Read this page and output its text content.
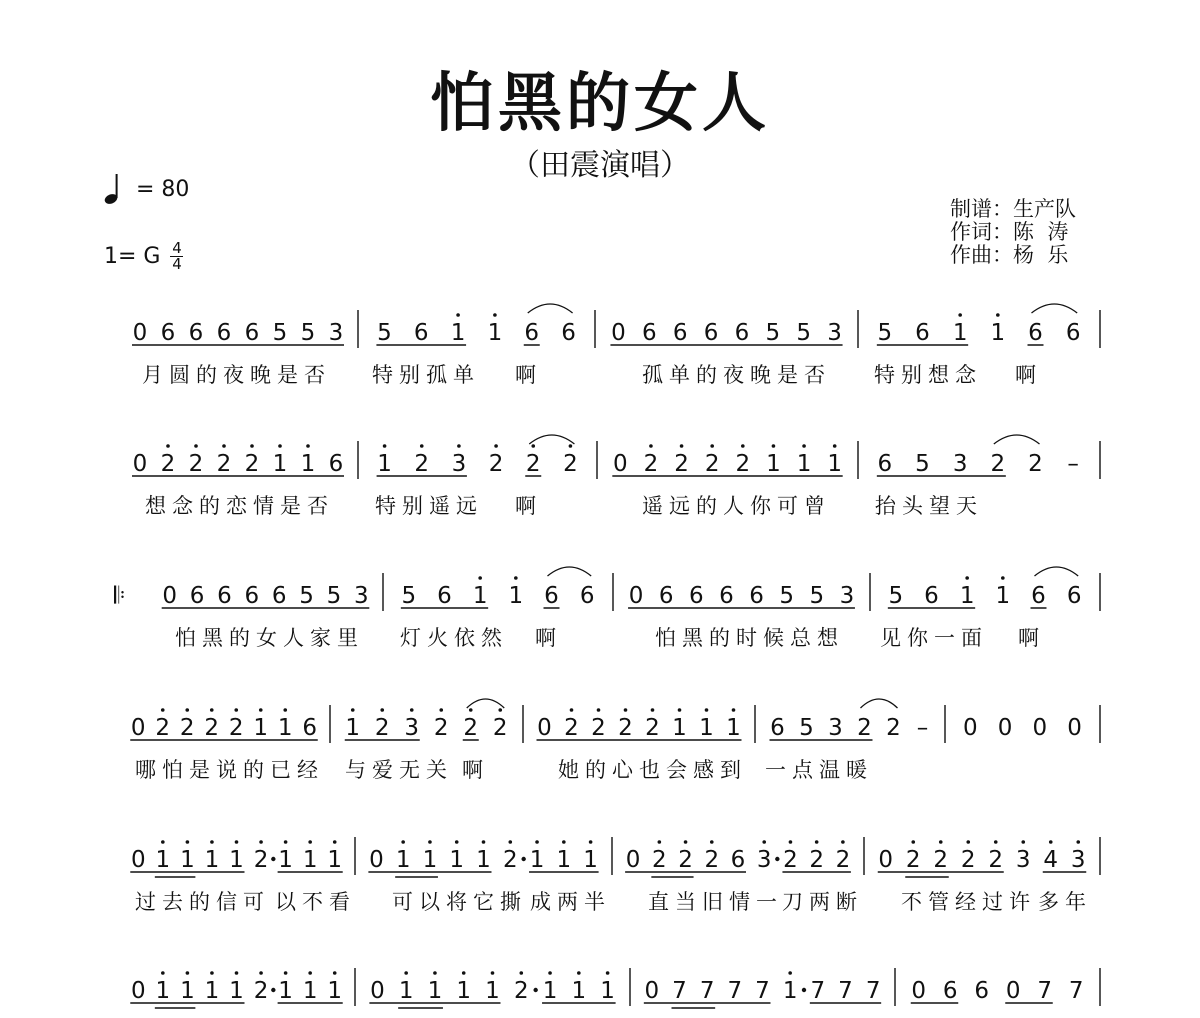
怕黑的女人
（田震演唱）
= 80
1= G 4
4
制谱：生产队
作词：陈  涛
作曲：杨  乐
0 6 6 6 6 5 5 3 5 6 1 1 6 6 0 6 6 6 6 5 5 3 5 6 1 1 6 6
月圆的夜晚是否 特别孤单 啊	孤单的夜晚是否 特别想念 啊
0 2 2 2 2 1 1 6 1 2 3 2 2 2 0 2 2 2 2 1 1 1 6 5 3 2 2 –
想念的恋情是否 特别遥远 啊	遥远的人你可曾 抬头望天
𝄆 0 6 6 6 6 5 5 3 5 6 1 1 6 6 0 6 6 6 6 5 5 3 5 6 1 1 6 6
怕黑的女人家里 灯火依然 啊	怕黑的时候总想 见你一面 啊
0 2 2 2 2 1 1 6 1 2 3 2 2 2 0 2 2 2 2 1 1 1 6 5 3 2 2 – 0 0 0 0
哪怕是说的已经 与爱无关 啊	她的心也会感到 一点温暖
0 1 1 1 1 2 1 1 1 0 1 1 1 1 2 1 1 1 0 2 2 2 6 3 2 2 2 0 2 2 2 2 3 4 3
过去的信可 以不看 可以将它撕 成两半 直当旧情一 刀两断 不管经过许 多年
0 1 1 1 1 2 1 1 1 0 1 1 1 1 2 1 1 1 0 7 7 7 7 1 7 7 7 0 6 6 0 7 7
